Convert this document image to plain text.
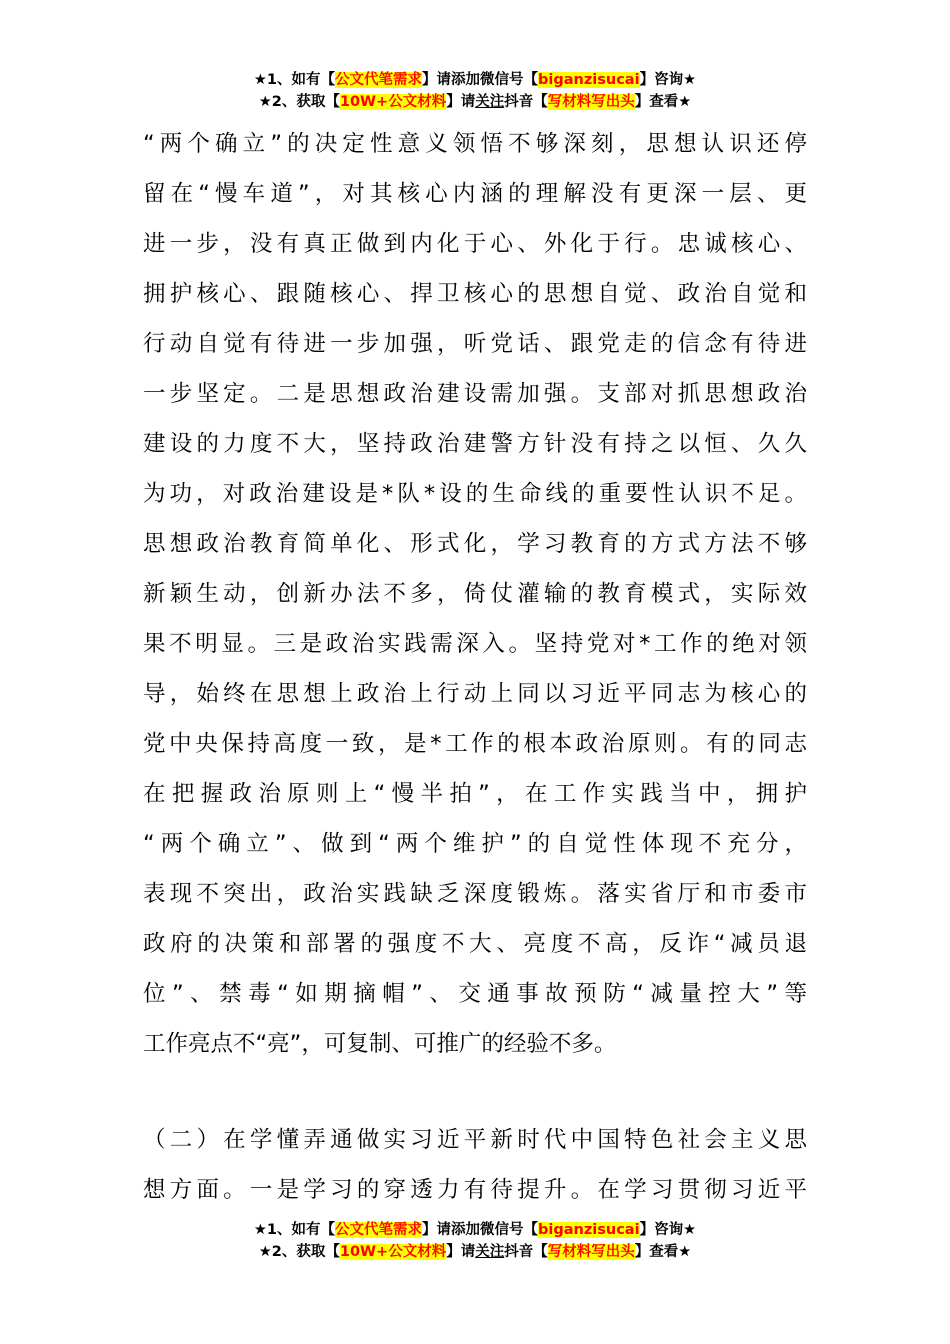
★1、如有【公文代笔需求】请添加微信号【biganzisucai】咨询★
★2、获取【10W+公文材料】请关注抖音【写材料写出头】查看★
“两个确立”的决定性意义领悟不够深刻，思想认识还停
留在“慢车道”，对其核心内涵的理解没有更深一层、更
进一步，没有真正做到内化于心、外化于行。忠诚核心、
拥护核心、跟随核心、捍卫核心的思想自觉、政治自觉和
行动自觉有待进一步加强，听党话、跟党走的信念有待进
一步坚定。二是思想政治建设需加强。支部对抓思想政治
建设的力度不大，坚持政治建警方针没有持之以恒、久久
为功，对政治建设是*队*设的生命线的重要性认识不足。
思想政治教育简单化、形式化，学习教育的方式方法不够
新颖生动，创新办法不多，倚仗灌输的教育模式，实际效
果不明显。三是政治实践需深入。坚持党对*工作的绝对领
导，始终在思想上政治上行动上同以习近平同志为核心的
党中央保持高度一致，是*工作的根本政治原则。有的同志
在把握政治原则上“慢半拍”，在工作实践当中，拥护
“两个确立”、做到“两个维护”的自觉性体现不充分，
表现不突出，政治实践缺乏深度锻炼。落实省厅和市委市
政府的决策和部署的强度不大、亮度不高，反诈“减员退
位”、禁毒“如期摘帽”、交通事故预防“减量控大”等
工作亮点不“亮”，可复制、可推广的经验不多。
（二）在学懂弄通做实习近平新时代中国特色社会主义思
想方面。一是学习的穿透力有待提升。在学习贯彻习近平
★1、如有【公文代笔需求】请添加微信号【biganzisucai】咨询★
★2、获取【10W+公文材料】请关注抖音【写材料写出头】查看★
